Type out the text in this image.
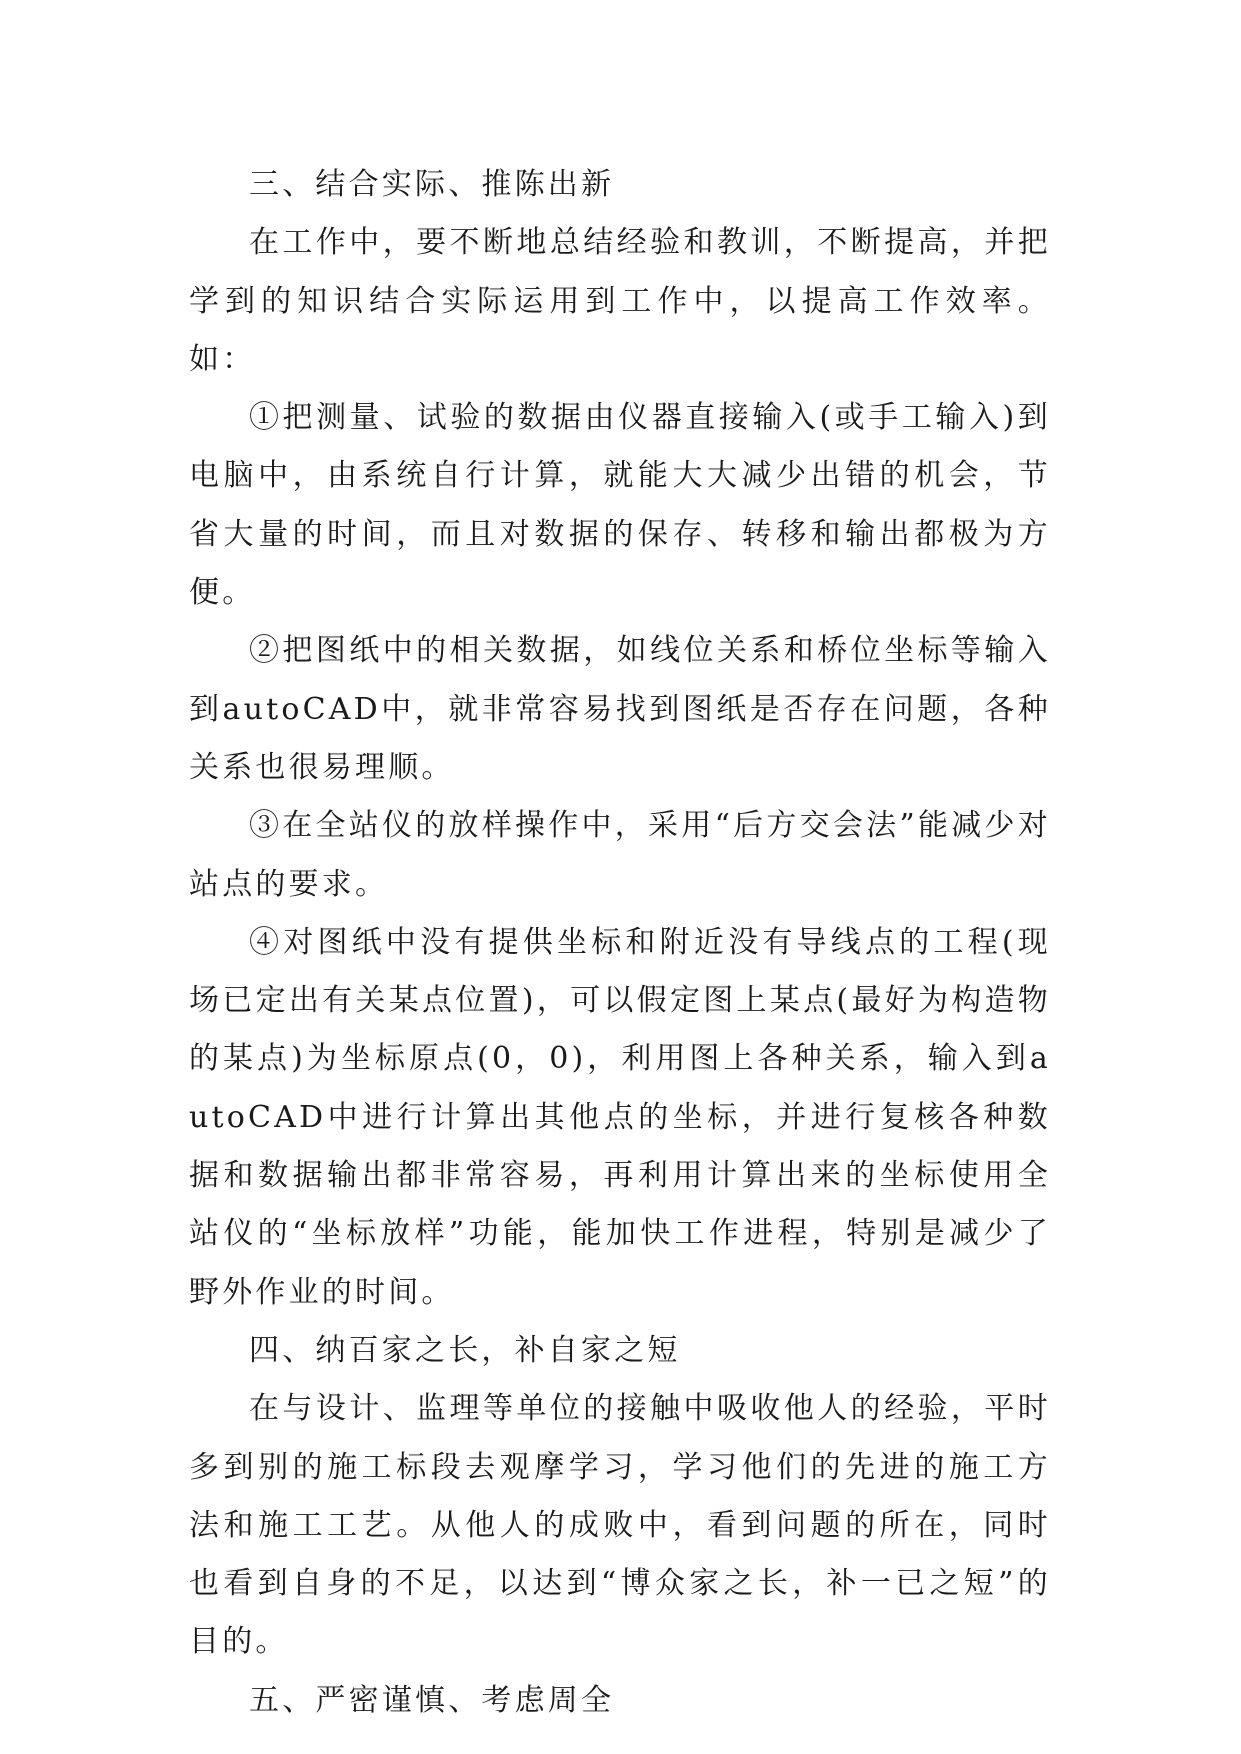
三、结合实际、推陈出新

在工作中，要不断地总结经验和教训，不断提高，并把学到的知识结合实际运用到工作中，以提高工作效率。如：

①把测量、试验的数据由仪器直接输入(或手工输入)到电脑中，由系统自行计算，就能大大减少出错的机会，节省大量的时间，而且对数据的保存、转移和输出都极为方便。

②把图纸中的相关数据，如线位关系和桥位坐标等输入到autoCAD中，就非常容易找到图纸是否存在问题，各种关系也很易理顺。

③在全站仪的放样操作中，采用“后方交会法”能减少对站点的要求。

④对图纸中没有提供坐标和附近没有导线点的工程(现场已定出有关某点位置)，可以假定图上某点(最好为构造物的某点)为坐标原点(0，0)，利用图上各种关系，输入到autoCAD中进行计算出其他点的坐标，并进行复核各种数据和数据输出都非常容易，再利用计算出来的坐标使用全站仪的“坐标放样”功能，能加快工作进程，特别是减少了野外作业的时间。

四、纳百家之长，补自家之短

在与设计、监理等单位的接触中吸收他人的经验，平时多到别的施工标段去观摩学习，学习他们的先进的施工方法和施工工艺。从他人的成败中，看到问题的所在，同时也看到自身的不足，以达到“博众家之长，补一已之短”的目的。

五、严密谨慎、考虑周全
